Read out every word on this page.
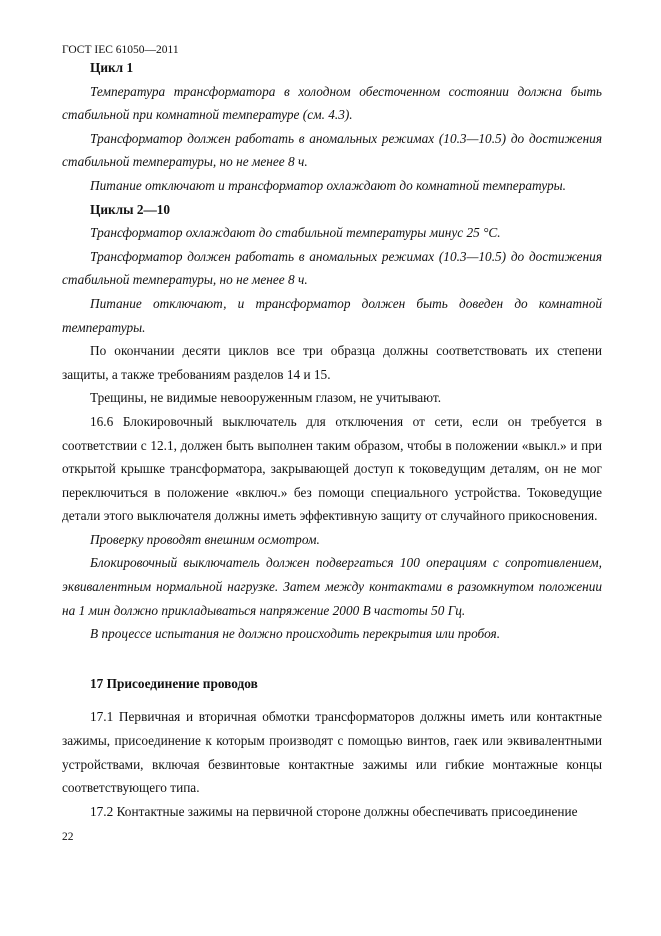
ГОСТ IEC 61050—2011

Цикл 1

Температура трансформатора в холодном обесточенном состоянии должна быть стабильной при комнатной температуре (см. 4.3).

Трансформатор должен работать в аномальных режимах (10.3—10.5) до достижения стабильной температуры, но не менее 8 ч.

Питание отключают и трансформатор охлаждают до комнатной температуры.

Циклы 2—10

Трансформатор охлаждают до стабильной температуры минус 25 °С.

Трансформатор должен работать в аномальных режимах (10.3—10.5) до достижения стабильной температуры, но не менее 8 ч.

Питание отключают, и трансформатор должен быть доведен до комнатной температуры.

По окончании десяти циклов все три образца должны соответствовать их степени защиты, а также требованиям разделов 14 и 15.

Трещины, не видимые невооруженным глазом, не учитывают.

16.6 Блокировочный выключатель для отключения от сети, если он требуется в соответствии с 12.1, должен быть выполнен таким образом, чтобы в положении «выкл.» и при открытой крышке трансформатора, закрывающей доступ к токоведущим деталям, он не мог переключиться в положение «включ.» без помощи специального устройства. Токоведущие детали этого выключателя должны иметь эффективную защиту от случайного прикосновения.

Проверку проводят внешним осмотром.

Блокировочный выключатель должен подвергаться 100 операциям с сопротивлением, эквивалентным нормальной нагрузке. Затем между контактами в разомкнутом положении на 1 мин должно прикладываться напряжение 2000 В частоты 50 Гц.

В процессе испытания не должно происходить перекрытия или пробоя.

17 Присоединение проводов

17.1 Первичная и вторичная обмотки трансформаторов должны иметь или контактные зажимы, присоединение к которым производят с помощью винтов, гаек или эквивалентными устройствами, включая безвинтовые контактные зажимы или гибкие монтажные концы соответствующего типа.

17.2 Контактные зажимы на первичной стороне должны обеспечивать присоединение

22
